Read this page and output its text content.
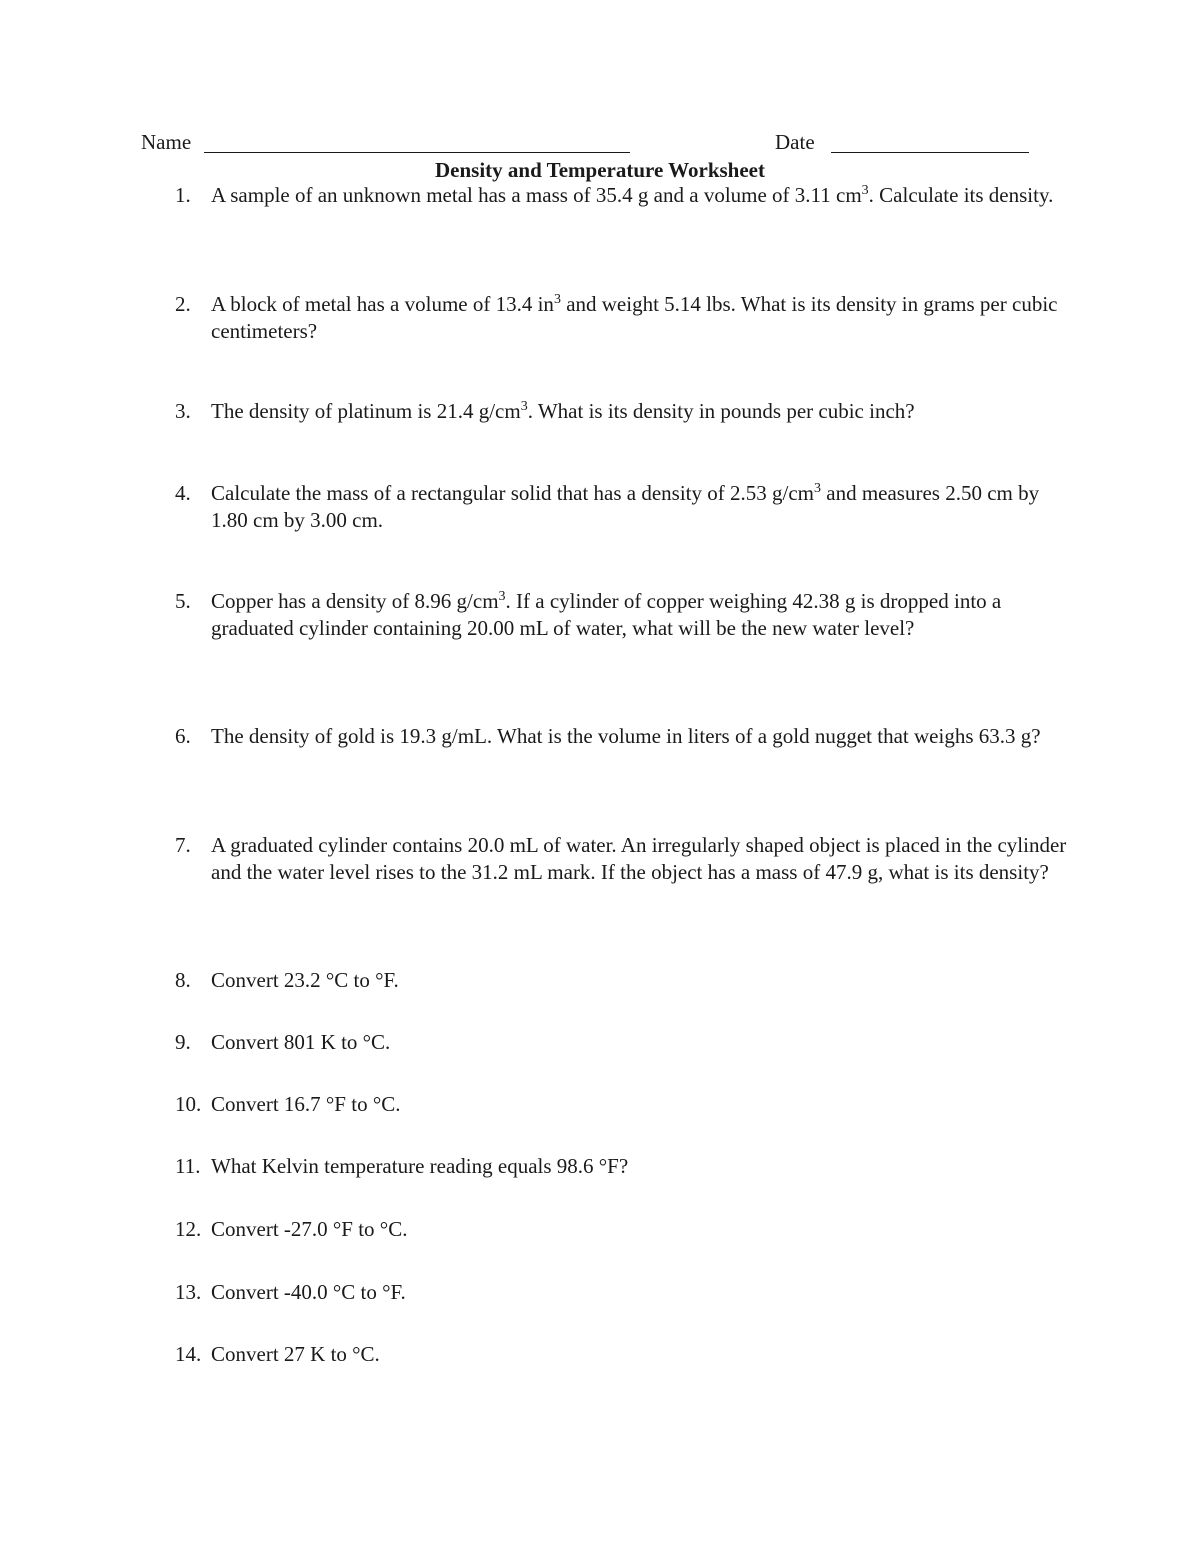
Name	Date
Density and Temperature Worksheet
1. A sample of an unknown metal has a mass of 35.4 g and a volume of 3.11 $cm^3$. Calculate its density.
2. A block of metal has a volume of 13.4 $in^3$ and weight 5.14 lbs. What is its density in grams per cubic centimeters?
3. The density of platinum is 21.4 $g/cm^3$. What is its density in pounds per cubic inch?
4. Calculate the mass of a rectangular solid that has a density of 2.53 $g/cm^3$ and measures 2.50 cm by 1.80 cm by 3.00 cm.
5. Copper has a density of 8.96 $g/cm^3$. If a cylinder of copper weighing 42.38 g is dropped into a graduated cylinder containing 20.00 mL of water, what will be the new water level?
6. The density of gold is 19.3 g/mL. What is the volume in liters of a gold nugget that weighs 63.3 g?
7. A graduated cylinder contains 20.0 mL of water. An irregularly shaped object is placed in the cylinder and the water level rises to the 31.2 mL mark. If the object has a mass of 47.9 g, what is its density?
8. Convert 23.2 °C to °F.
9. Convert 801 K to °C.
10. Convert 16.7 °F to °C.
11. What Kelvin temperature reading equals 98.6 °F?
12. Convert -27.0 °F to °C.
13. Convert -40.0 °C to °F.
14. Convert 27 K to °C.
